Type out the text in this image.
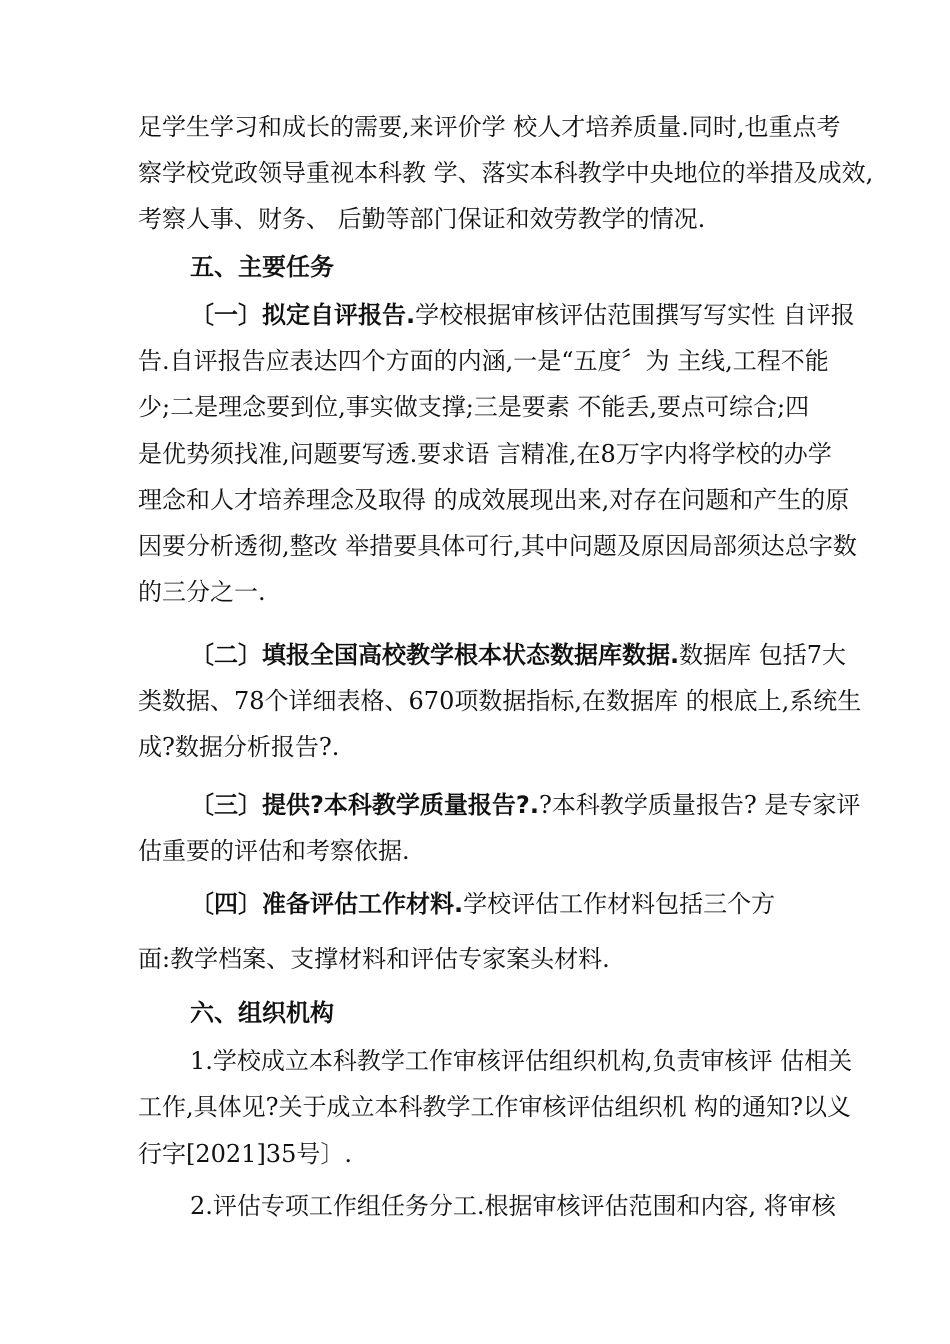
足学生学习和成长的需要,来评价学 校人才培养质量.同时,也重点考
察学校党政领导重视本科教 学、落实本科教学中央地位的举措及成效,
考察人事、财务、 后勤等部门保证和效劳教学的情况.
五、主要任务
〔一〕拟定自评报告.学校根据审核评估范围撰写写实性 自评报
告.自评报告应表达四个方面的内涵,一是“五度〞为 主线,工程不能
少;二是理念要到位,事实做支撑;三是要素 不能丢,要点可综合;四
是优势须找准,问题要写透.要求语 言精准,在8万字内将学校的办学
理念和人才培养理念及取得 的成效展现出来,对存在问题和产生的原
因要分析透彻,整改 举措要具体可行,其中问题及原因局部须达总字数
的三分之一.
〔二〕填报全国高校教学根本状态数据库数据.数据库 包括7大
类数据、78个详细表格、670项数据指标,在数据库 的根底上,系统生
成?数据分析报告?.
〔三〕提供?本科教学质量报告?.?本科教学质量报告? 是专家评
估重要的评估和考察依据.
〔四〕准备评估工作材料.学校评估工作材料包括三个方
面:教学档案、支撑材料和评估专家案头材料.
六、组织机构
1.学校成立本科教学工作审核评估组织机构,负责审核评 估相关
工作,具体见?关于成立本科教学工作审核评估组织机 构的通知?以义
行字[2021]35号〕.
2.评估专项工作组任务分工.根据审核评估范围和内容, 将审核
